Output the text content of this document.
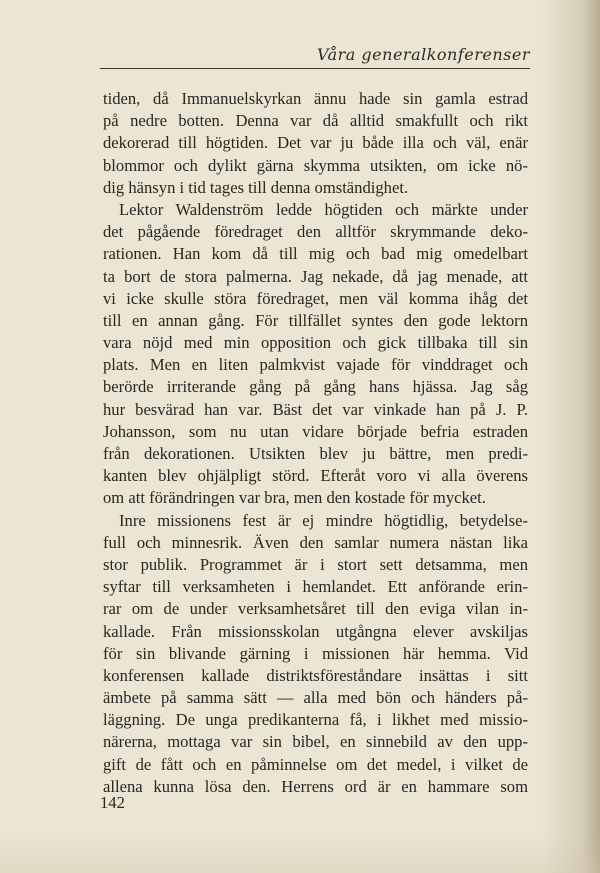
Våra generalkonferenser
tiden, då Immanuelskyrkan ännu hade sin gamla estrad
på nedre botten. Denna var då alltid smakfullt och rikt
dekorerad till högtiden. Det var ju både illa och väl, enär
blommor och dylikt gärna skymma utsikten, om icke nö-
dig hänsyn i tid tages till denna omständighet.
Lektor Waldenström ledde högtiden och märkte under
det pågående föredraget den alltför skrymmande deko-
rationen. Han kom då till mig och bad mig omedelbart
ta bort de stora palmerna. Jag nekade, då jag menade, att
vi icke skulle störa föredraget, men väl komma ihåg det
till en annan gång. För tillfället syntes den gode lektorn
vara nöjd med min opposition och gick tillbaka till sin
plats. Men en liten palmkvist vajade för vinddraget och
berörde irriterande gång på gång hans hjässa. Jag såg
hur besvärad han var. Bäst det var vinkade han på J. P.
Johansson, som nu utan vidare började befria estraden
från dekorationen. Utsikten blev ju bättre, men predi-
kanten blev ohjälpligt störd. Efteråt voro vi alla överens
om att förändringen var bra, men den kostade för mycket.
Inre missionens fest är ej mindre högtidlig, betydelse-
full och minnesrik. Även den samlar numera nästan lika
stor publik. Programmet är i stort sett detsamma, men
syftar till verksamheten i hemlandet. Ett anförande erin-
rar om de under verksamhetsåret till den eviga vilan in-
kallade. Från missionsskolan utgångna elever avskiljas
för sin blivande gärning i missionen här hemma. Vid
konferensen kallade distriktsföreståndare insättas i sitt
ämbete på samma sätt — alla med bön och händers på-
läggning. De unga predikanterna få, i likhet med missio-
närerna, mottaga var sin bibel, en sinnebild av den upp-
gift de fått och en påminnelse om det medel, i vilket de
allena kunna lösa den. Herrens ord är en hammare som
142
